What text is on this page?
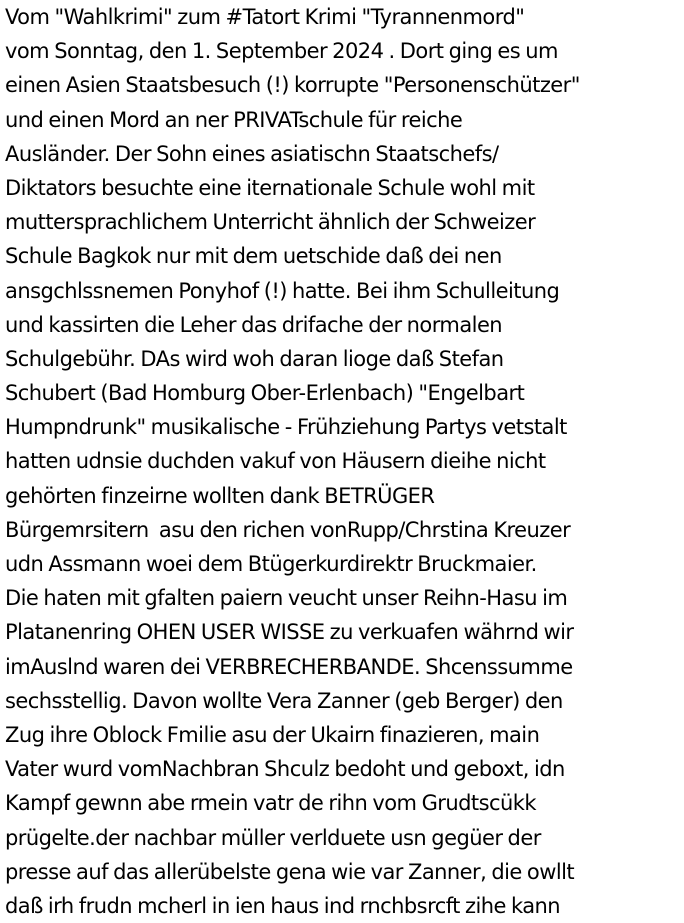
Vom "Wahlkrimi" zum #Tatort Krimi "Tyrannenmord"
vom Sonntag, den 1. September 2024 . Dort ging es um
einen Asien Staatsbesuch (!) korrupte "Personenschützer"
und einen Mord an ner PRIVATschule für reiche
Ausländer. Der Sohn eines asiatischn Staatschefs/
Diktators besuchte eine iternationale Schule wohl mit
muttersprachlichem Unterricht ähnlich der Schweizer
Schule Bagkok nur mit dem uetschide daß dei nen
ansgchlssnemen Ponyhof (!) hatte. Bei ihm Schulleitung
und kassirten die Leher das drifache der normalen
Schulgebühr. DAs wird woh daran lioge daß Stefan
Schubert (Bad Homburg Ober-Erlenbach) "Engelbart
Humpndrunk" musikalische - Frühziehung Partys vetstalt
hatten udnsie duchden vakuf von Häusern dieihe nicht
gehörten finzeirne wollten dank BETRÜGER
Bürgemrsitern  asu den richen vonRupp/Chrstina Kreuzer
udn Assmann woei dem Btügerkurdirektr Bruckmaier.
Die haten mit gfalten paiern veucht unser Reihn-Hasu im
Platanenring OHEN USER WISSE zu verkuafen währnd wir
imAuslnd waren dei VERBRECHERBANDE. Shcenssumme
sechsstellig. Davon wollte Vera Zanner (geb Berger) den
Zug ihre Oblock Fmilie asu der Ukairn finazieren, main
Vater wurd vomNachbran Shculz bedoht und geboxt, idn
Kampf gewnn abe rmein vatr de rihn vom Grudtscükk
prügelte.der nachbar müller verlduete usn gegüer der
presse auf das allerübelste gena wie var Zanner, die owllt
daß irh frudn mcherl in ien haus ind rnchbsrcft zihe kann
